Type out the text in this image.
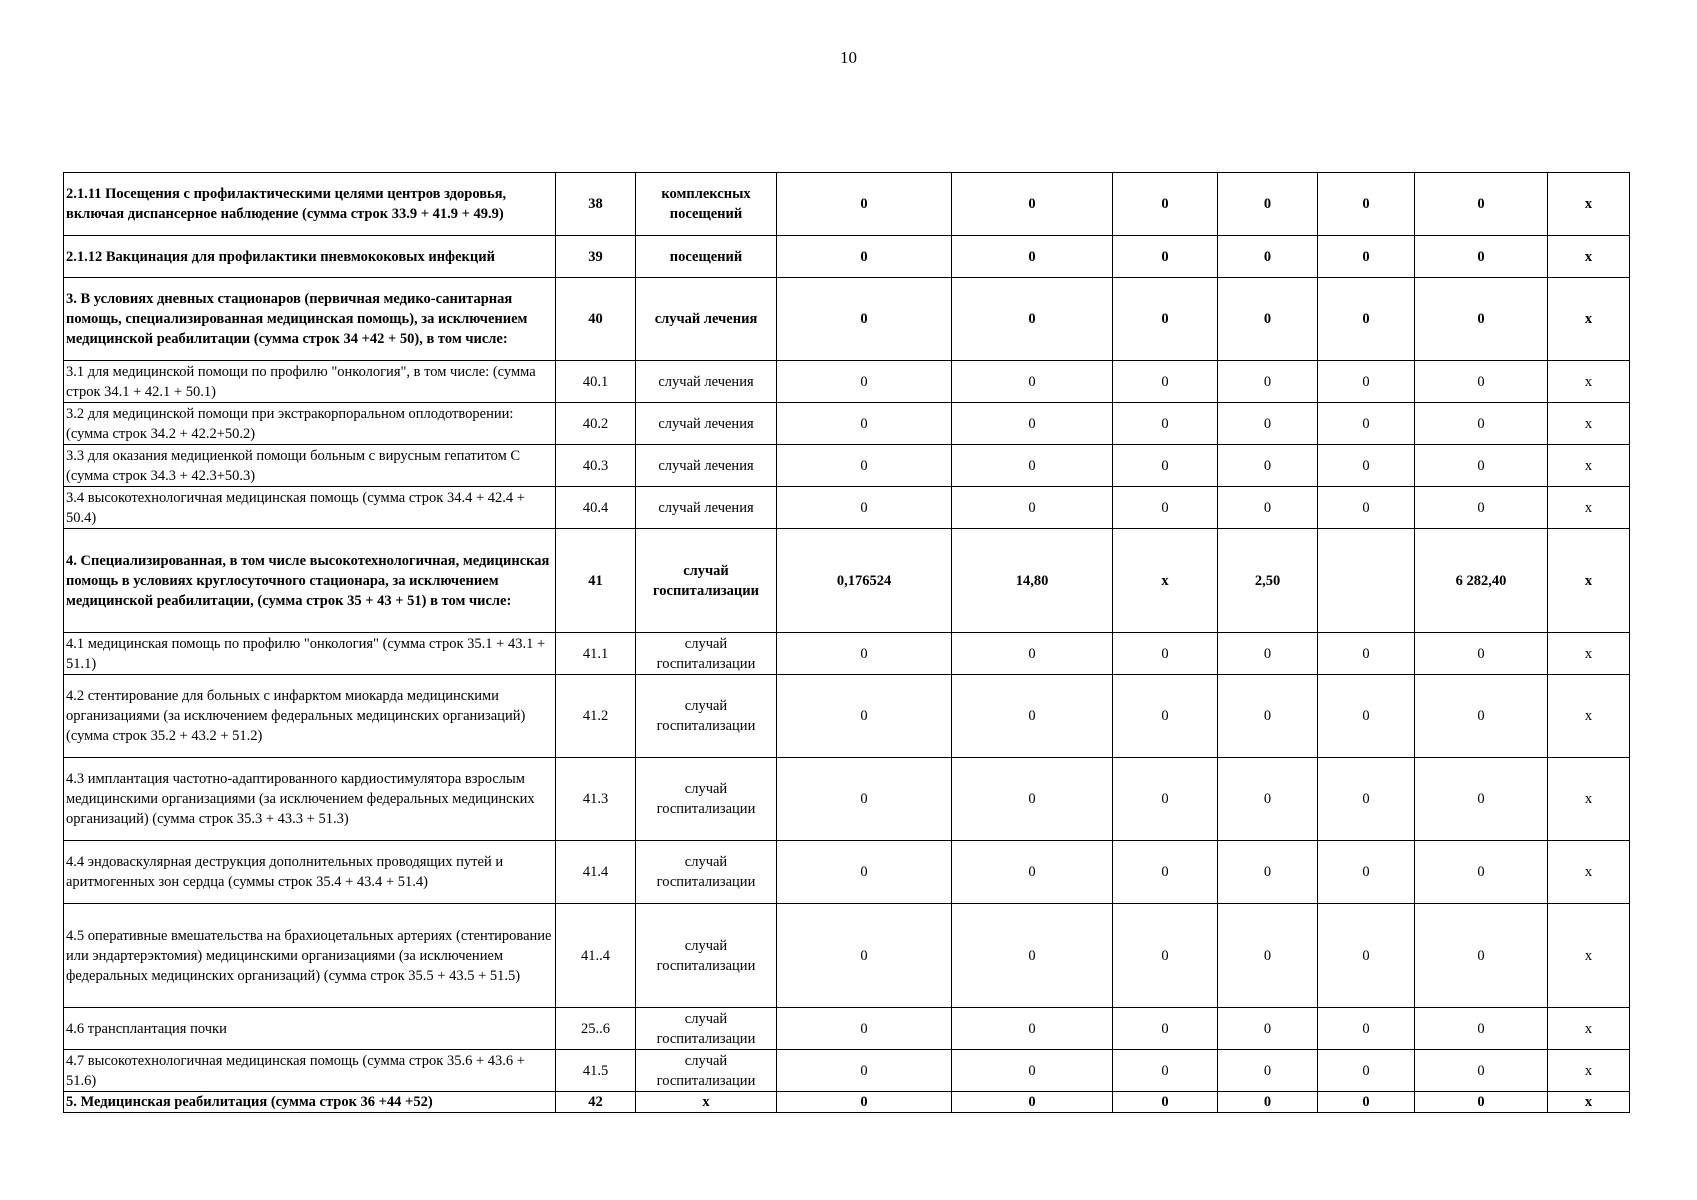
10
2.1.11 Посещения с профилактическими целями центров здоровья, включая диспансерное наблюдение (сумма строк 33.9 + 41.9 + 49.9)	38	комплексных посещений	0	0	0	0	0	0	х
2.1.12 Вакцинация для профилактики пневмококовых инфекций	39	посещений	0	0	0	0	0	0	х
3. В условиях дневных стационаров (первичная медико-санитарная помощь, специализированная медицинская помощь), за исключением медицинской реабилитации (сумма строк 34 +42 + 50), в том числе:	40	случай лечения	0	0	0	0	0	0	х
3.1 для медицинской помощи по профилю "онкология", в том числе: (сумма строк 34.1 + 42.1 + 50.1)	40.1	случай лечения	0	0	0	0	0	0	х
3.2 для медицинской помощи при экстракорпоральном оплодотворении: (сумма строк 34.2 + 42.2+50.2)	40.2	случай лечения	0	0	0	0	0	0	х
3.3 для оказания медициенкой помощи больным с вирусным гепатитом С (сумма строк 34.3 + 42.3+50.3)	40.3	случай лечения	0	0	0	0	0	0	х
3.4 высокотехнологичная медицинская помощь (сумма строк 34.4 + 42.4 + 50.4)	40.4	случай лечения	0	0	0	0	0	0	х
4. Специализированная, в том числе высокотехнологичная, медицинская помощь в условиях круглосуточного стационара, за исключением медицинской реабилитации, (сумма строк 35 + 43 + 51) в том числе:	41	случай госпитализации	0,176524	14,80	х	2,50		6 282,40	х
4.1 медицинская помощь по профилю "онкология" (сумма строк 35.1 + 43.1 + 51.1)	41.1	случай госпитализации	0	0	0	0	0	0	х
4.2 стентирование для больных с инфарктом миокарда медицинскими организациями (за исключением федеральных медицинских организаций) (сумма строк 35.2 + 43.2 + 51.2)	41.2	случай госпитализации	0	0	0	0	0	0	х
4.3 имплантация частотно-адаптированного кардиостимулятора взрослым медицинскими организациями (за исключением федеральных медицинских организаций) (сумма строк 35.3 + 43.3 + 51.3)	41.3	случай госпитализации	0	0	0	0	0	0	х
4.4 эндоваскулярная деструкция дополнительных проводящих путей и аритмогенных зон сердца (суммы строк 35.4 + 43.4 + 51.4)	41.4	случай госпитализации	0	0	0	0	0	0	х
4.5 оперативные вмешательства на брахиоцетальных артериях (стентирование или эндартерэктомия) медицинскими организациями (за исключением федеральных медицинских организаций) (сумма строк 35.5 + 43.5 + 51.5)	41..4	случай госпитализации	0	0	0	0	0	0	х
4.6 трансплантация почки	25..6	случай госпитализации	0	0	0	0	0	0	х
4.7 высокотехнологичная медицинская помощь (сумма строк 35.6 + 43.6 + 51.6)	41.5	случай госпитализации	0	0	0	0	0	0	х
5. Медицинская реабилитация (сумма строк 36 +44 +52)	42	х	0	0	0	0	0	0	х
